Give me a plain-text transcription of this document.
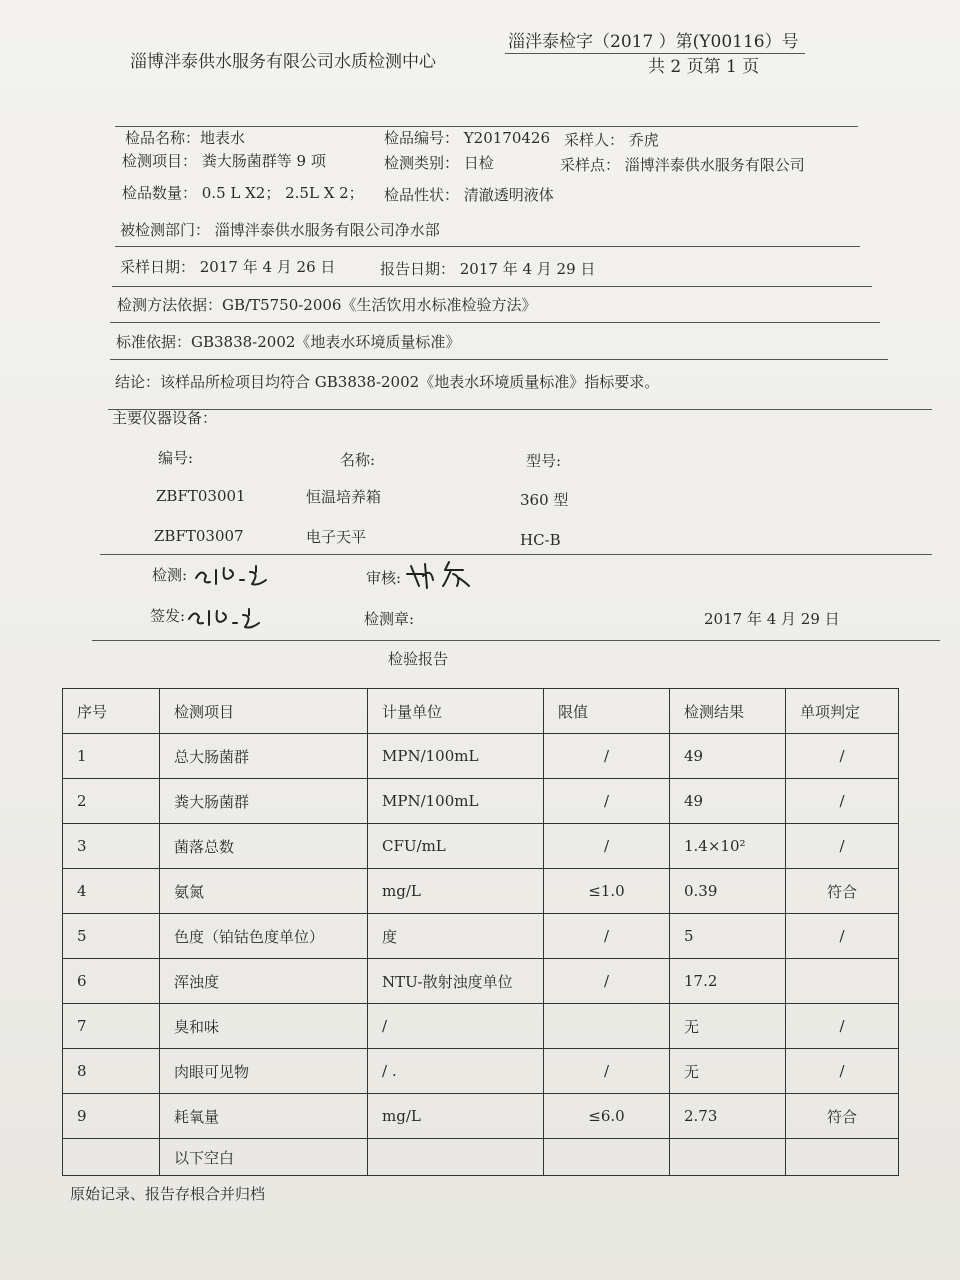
淄博泮泰供水服务有限公司水质检测中心
淄泮泰检字（2017 ）第(Y00116）号
共 2 页第 1 页
检品名称：地表水	检品编号： Y20170426 采样人： 乔虎
检测项目： 粪大肠菌群等 9 项	检测类别： 日检	采样点： 淄博泮泰供水服务有限公司
检品数量： 0.5 L X2； 2.5L X 2； 检品性状： 清澈透明液体
被检测部门： 淄博泮泰供水服务有限公司净水部
采样日期： 2017 年 4 月 26 日	报告日期： 2017 年 4 月 29 日
检测方法依据：GB/T5750-2006《生活饮用水标准检验方法》
标准依据：GB3838-2002《地表水环境质量标准》
结论：该样品所检项目均符合 GB3838-2002《地表水环境质量标准》指标要求。
主要仪器设备：
编号:	名称:	型号:
ZBFT03001	恒温培养箱	360 型
ZBFT03007	电子天平	HC-B
检测:	审核:
签发:	检测章:	2017 年 4 月 29 日
检验报告
序号	检测项目	计量单位	限值	检测结果	单项判定
1	总大肠菌群	MPN/100mL	/	49	/
2	粪大肠菌群	MPN/100mL	/	49	/
3	菌落总数	CFU/mL	/	1.4×10²	/
4	氨氮	mg/L	≤1.0	0.39	符合
5	色度（铂钴色度单位）	度	/	5	/
6	浑浊度	NTU-散射浊度单位	/	17.2	
7	臭和味	/		无	/
8	肉眼可见物	/ .	/	无	/
9	耗氧量	mg/L	≤6.0	2.73	符合
	以下空白				
原始记录、报告存根合并归档
